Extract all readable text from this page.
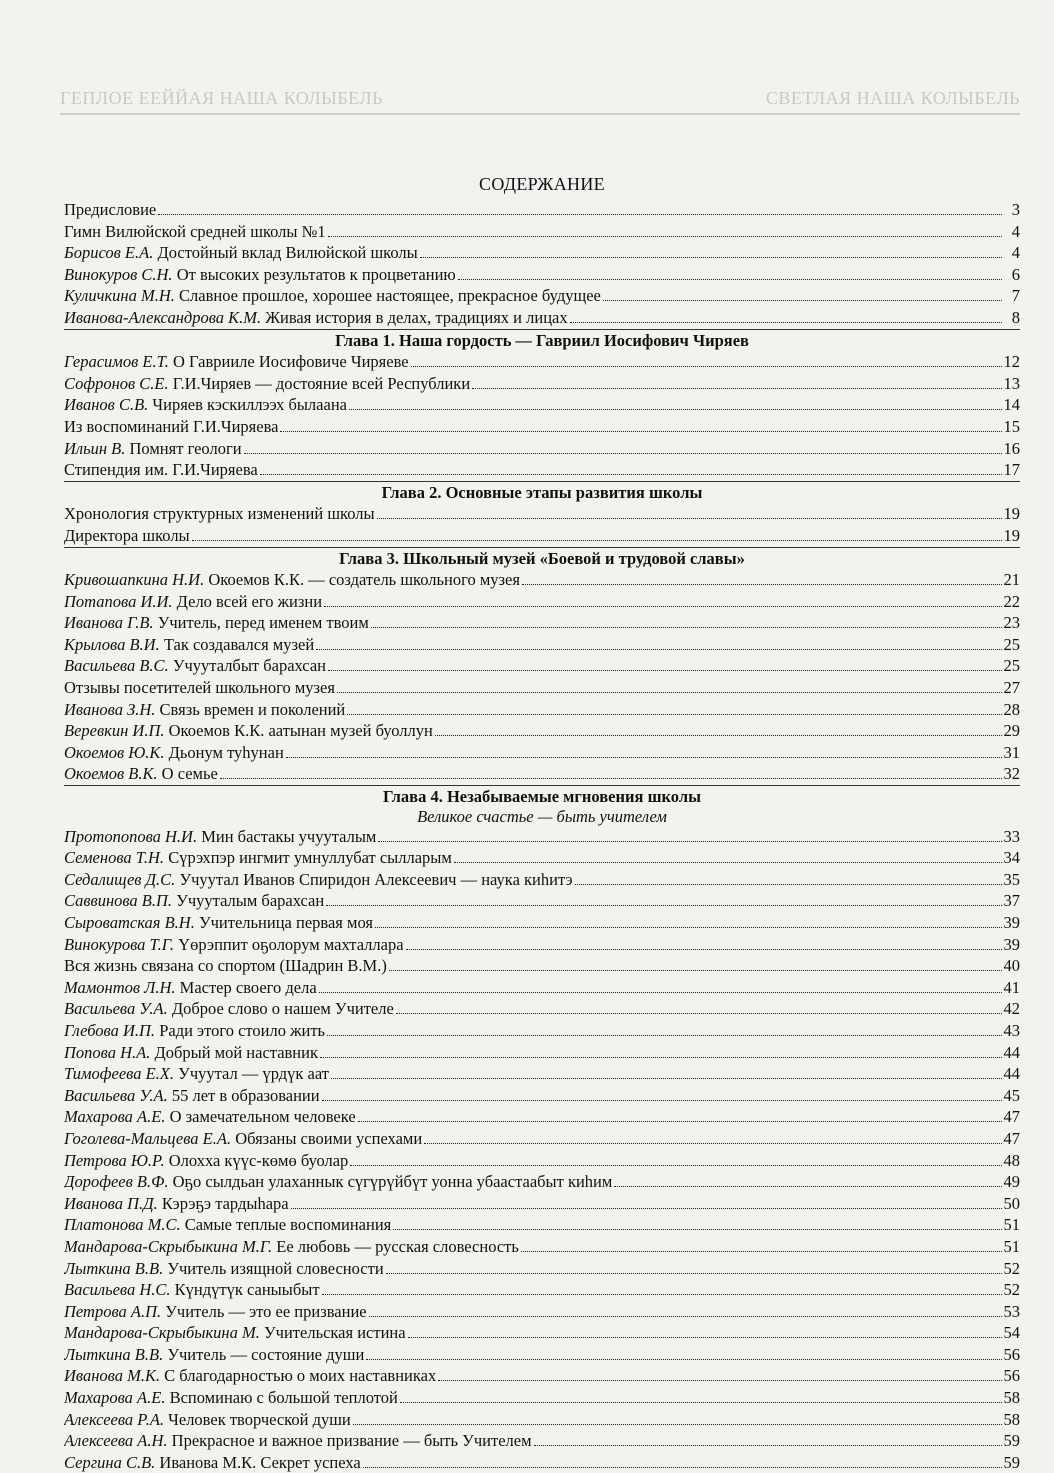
ГЕПЛОЕ ЕЕЙЙАЯ НАША КОЛЫБЕЛЬ	СВЕТЛАЯ НАША КОЛЫБЕЛЬ
СОДЕРЖАНИЕ
Предисловие	3
Гимн Вилюйской средней школы №1	4
Борисов Е.А. Достойный вклад Вилюйской школы	4
Винокуров С.Н. От высоких результатов к процветанию	6
Куличкина М.Н. Славное прошлое, хорошее настоящее, прекрасное будущее	7
Иванова-Александрова К.М. Живая история в делах, традициях и лицах	8
Глава 1. Наша гордость — Гавриил Иосифович Чиряев
Герасимов Е.Т. О Гаврииле Иосифовиче Чиряеве	12
Софронов С.Е. Г.И.Чиряев — достояние всей Республики	13
Иванов С.В. Чиряев кэскиллээх былаана	14
Из воспоминаний Г.И.Чиряева	15
Ильин В. Помнят геологи	16
Стипендия им. Г.И.Чиряева	17
Глава 2. Основные этапы развития школы
Хронология структурных изменений школы	19
Директора школы	19
Глава 3. Школьный музей «Боевой и трудовой славы»
Кривошапкина Н.И. Окоемов К.К. — создатель школьного музея	21
Потапова И.И. Дело всей его жизни	22
Иванова Г.В. Учитель, перед именем твоим	23
Крылова В.И. Так создавался музей	25
Васильева В.С. Учууталбыт барахсан	25
Отзывы посетителей школьного музея	27
Иванова З.Н. Связь времен и поколений	28
Веревкин И.П. Окоемов К.К. аатынан музей буоллун	29
Окоемов Ю.К. Дьонум туһунан	31
Окоемов В.К. О семье	32
Глава 4. Незабываемые мгновения школы
Великое счастье — быть учителем
Протопопова Н.И. Мин бастакы учууталым	33
Семенова Т.Н. Сүрэхпэр ингмит умнуллубат сылларым	34
Седалищев Д.С. Учуутал Иванов Спиридон Алексеевич — наука киһитэ	35
Саввинова В.П. Учууталым барахсан	37
Сыроватская В.Н. Учительница первая моя	39
Винокурова Т.Г. Үөрэппит оҕолорум махталлара	39
Вся жизнь связана со спортом (Шадрин В.М.)	40
Мамонтов Л.Н. Мастер своего дела	41
Васильева У.А. Доброе слово о нашем Учителе	42
Глебова И.П. Ради этого стоило жить	43
Попова Н.А. Добрый мой наставник	44
Тимофеева Е.Х. Учуутал — үрдүк аат	44
Васильева У.А. 55 лет в образовании	45
Махарова А.Е. О замечательном человеке	47
Гоголева-Мальцева Е.А. Обязаны своими успехами	47
Петрова Ю.Р. Олохха күүс-көмө буолар	48
Дорофеев В.Ф. Оҕо сылдьан улаханнык сүгүрүйбүт уонна убаастаабыт киһим	49
Иванова П.Д. Кэрэҕэ тардыһара	50
Платонова М.С. Самые теплые воспоминания	51
Мандарова-Скрыбыкина М.Г. Ее любовь — русская словесность	51
Лыткина В.В. Учитель изящной словесности	52
Васильева Н.С. Күндүтүк саныыбыт	52
Петрова А.П. Учитель — это ее призвание	53
Мандарова-Скрыбыкина М. Учительская истина	54
Лыткина В.В. Учитель — состояние души	56
Иванова М.К. С благодарностью о моих наставниках	56
Махарова А.Е. Вспоминаю с большой теплотой	58
Алексеева Р.А. Человек творческой души	58
Алексеева А.Н. Прекрасное и важное призвание — быть Учителем	59
Сергина С.В. Иванова М.К. Секрет успеха	59
